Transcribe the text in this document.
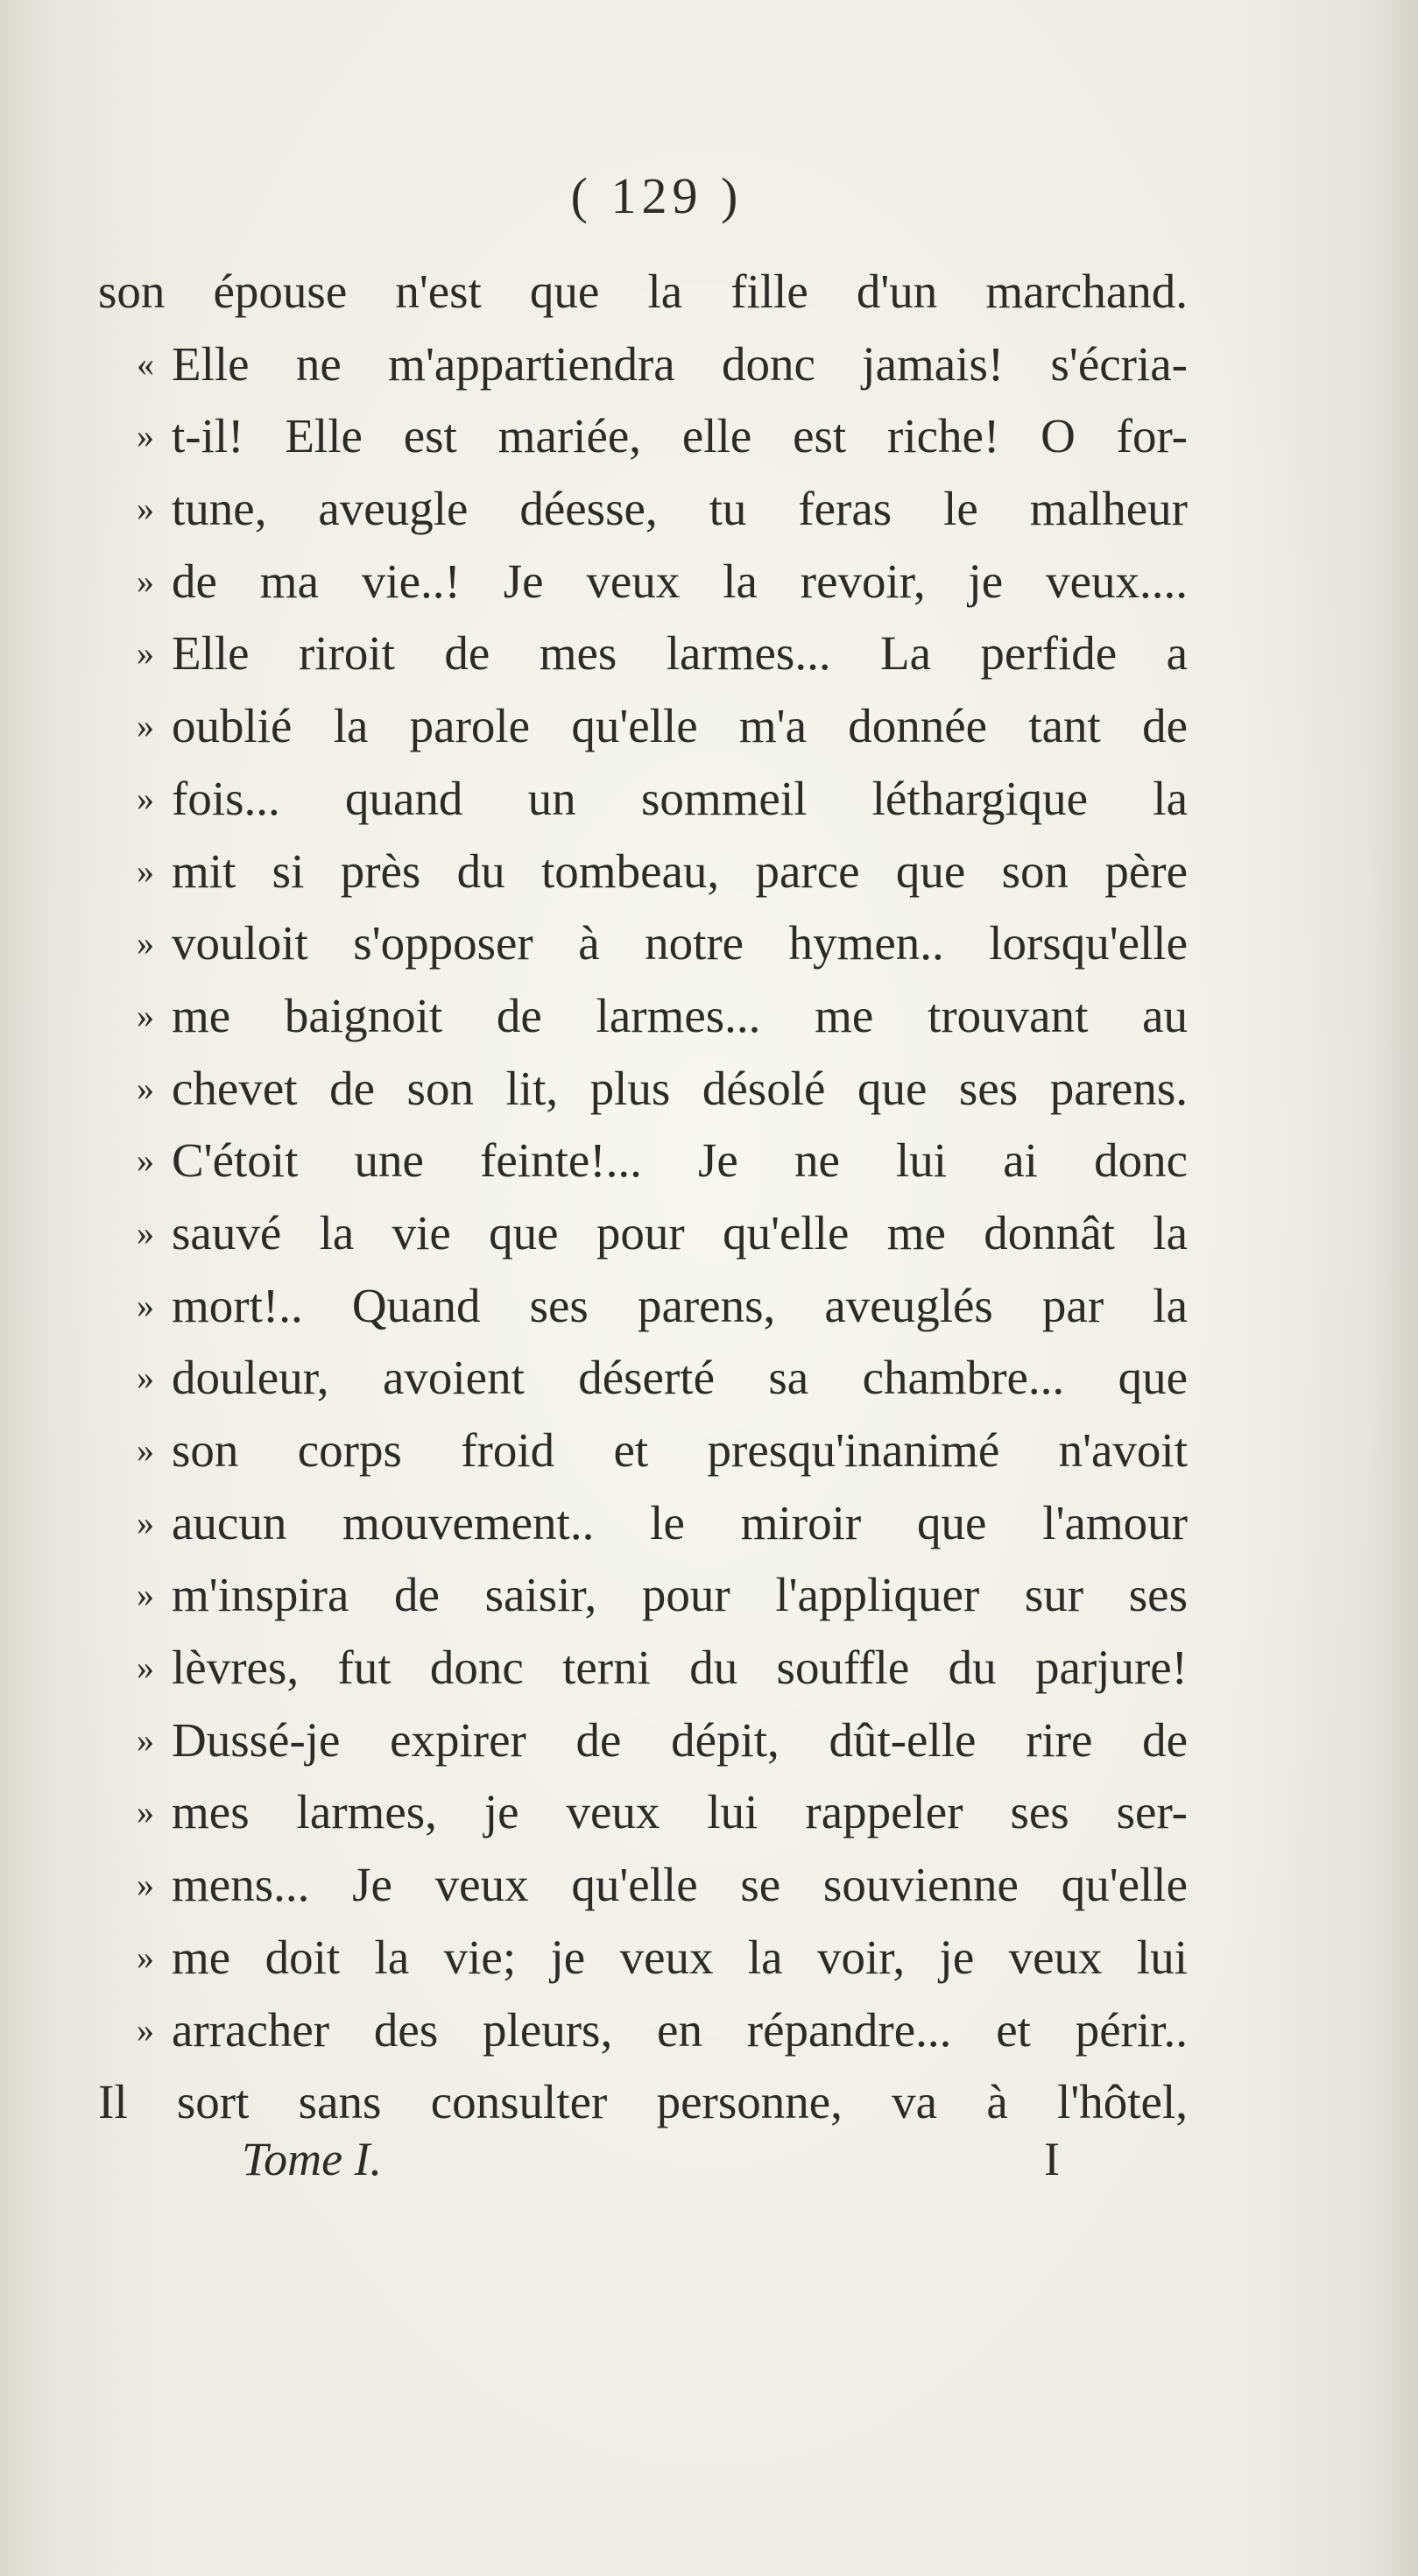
( 129 )
son épouse n'est que la fille d'un marchand.
« Elle ne m'appartiendra donc jamais! s'écria-
» t-il! Elle est mariée, elle est riche! O for-
» tune, aveugle déesse, tu feras le malheur
» de ma vie..! Je veux la revoir, je veux....
» Elle riroit de mes larmes... La perfide a
» oublié la parole qu'elle m'a donnée tant de
» fois... quand un sommeil léthargique la
» mit si près du tombeau, parce que son père
» vouloit s'opposer à notre hymen.. lorsqu'elle
» me baignoit de larmes... me trouvant au
» chevet de son lit, plus désolé que ses parens.
» C'étoit une feinte!... Je ne lui ai donc
» sauvé la vie que pour qu'elle me donnât la
» mort!.. Quand ses parens, aveuglés par la
» douleur, avoient déserté sa chambre... que
» son corps froid et presqu'inanimé n'avoit
» aucun mouvement.. le miroir que l'amour
» m'inspira de saisir, pour l'appliquer sur ses
» lèvres, fut donc terni du souffle du parjure!
» Dussé-je expirer de dépit, dût-elle rire de
» mes larmes, je veux lui rappeler ses ser-
» mens... Je veux qu'elle se souvienne qu'elle
» me doit la vie; je veux la voir, je veux lui
» arracher des pleurs, en répandre... et périr..
Il sort sans consulter personne, va à l'hôtel,
Tome I.	I
